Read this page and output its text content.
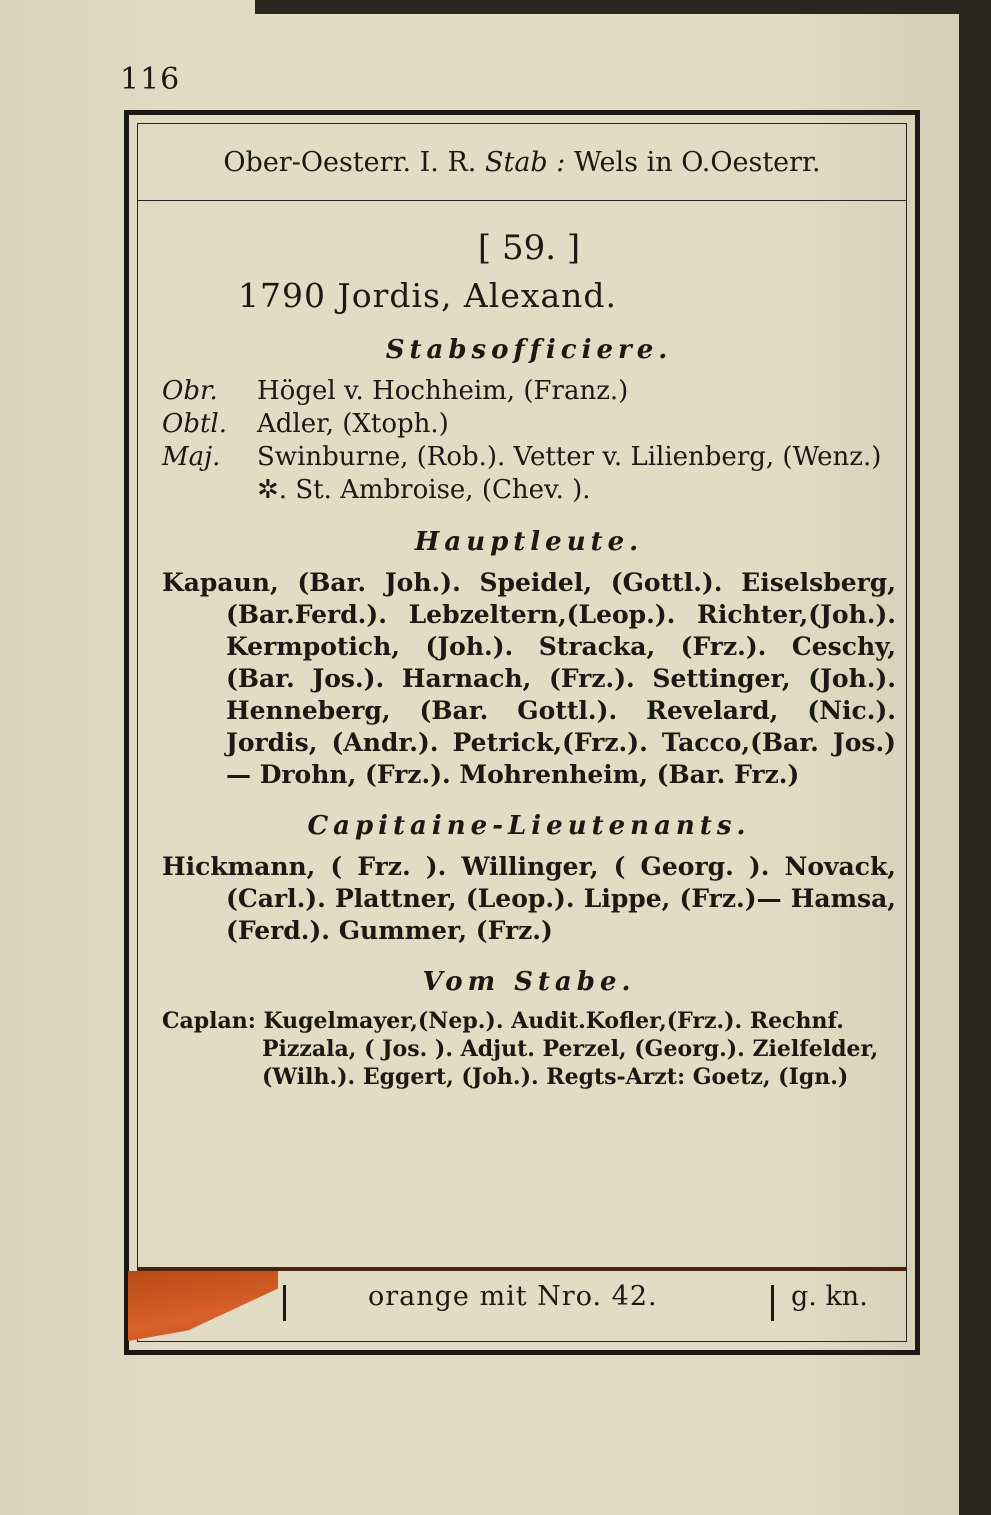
116
Ober-Oesterr. I. R.
Stab :
Wels in O.Oesterr.
[ 59. ]
1790 Jordis, Alexand.
Stabsofficiere.
Obr.	Högel v. Hochheim, (Franz.)
Obtl.	Adler, (Xtoph.)
Maj.	Swinburne, (Rob.). Vetter v. Lilienberg, (Wenz.) ✲. St. Ambroise, (Chev. ).
Hauptleute.
Kapaun, (Bar. Joh.). Speidel, (Gottl.). Eiselsberg, (Bar.Ferd.). Lebzeltern,(Leop.). Richter,(Joh.). Kermpotich, (Joh.). Stracka, (Frz.). Ceschy, (Bar. Jos.). Harnach, (Frz.). Settinger, (Joh.). Henneberg, (Bar. Gottl.). Revelard, (Nic.). Jordis, (Andr.). Petrick,(Frz.). Tacco,(Bar. Jos.)— Drohn, (Frz.). Mohrenheim, (Bar. Frz.)
Capitaine-Lieutenants.
Hickmann, ( Frz. ). Willinger, ( Georg. ). Novack, (Carl.). Plattner, (Leop.). Lippe, (Frz.)— Hamsa, (Ferd.). Gummer, (Frz.)
Vom Stabe.
Caplan: Kugelmayer,(Nep.). Audit.Kofler,(Frz.). Rechnf. Pizzala, ( Jos. ). Adjut. Perzel, (Georg.). Zielfelder, (Wilh.). Eggert, (Joh.). Regts-Arzt: Goetz, (Ign.)
orange mit Nro. 42.	g. kn.
